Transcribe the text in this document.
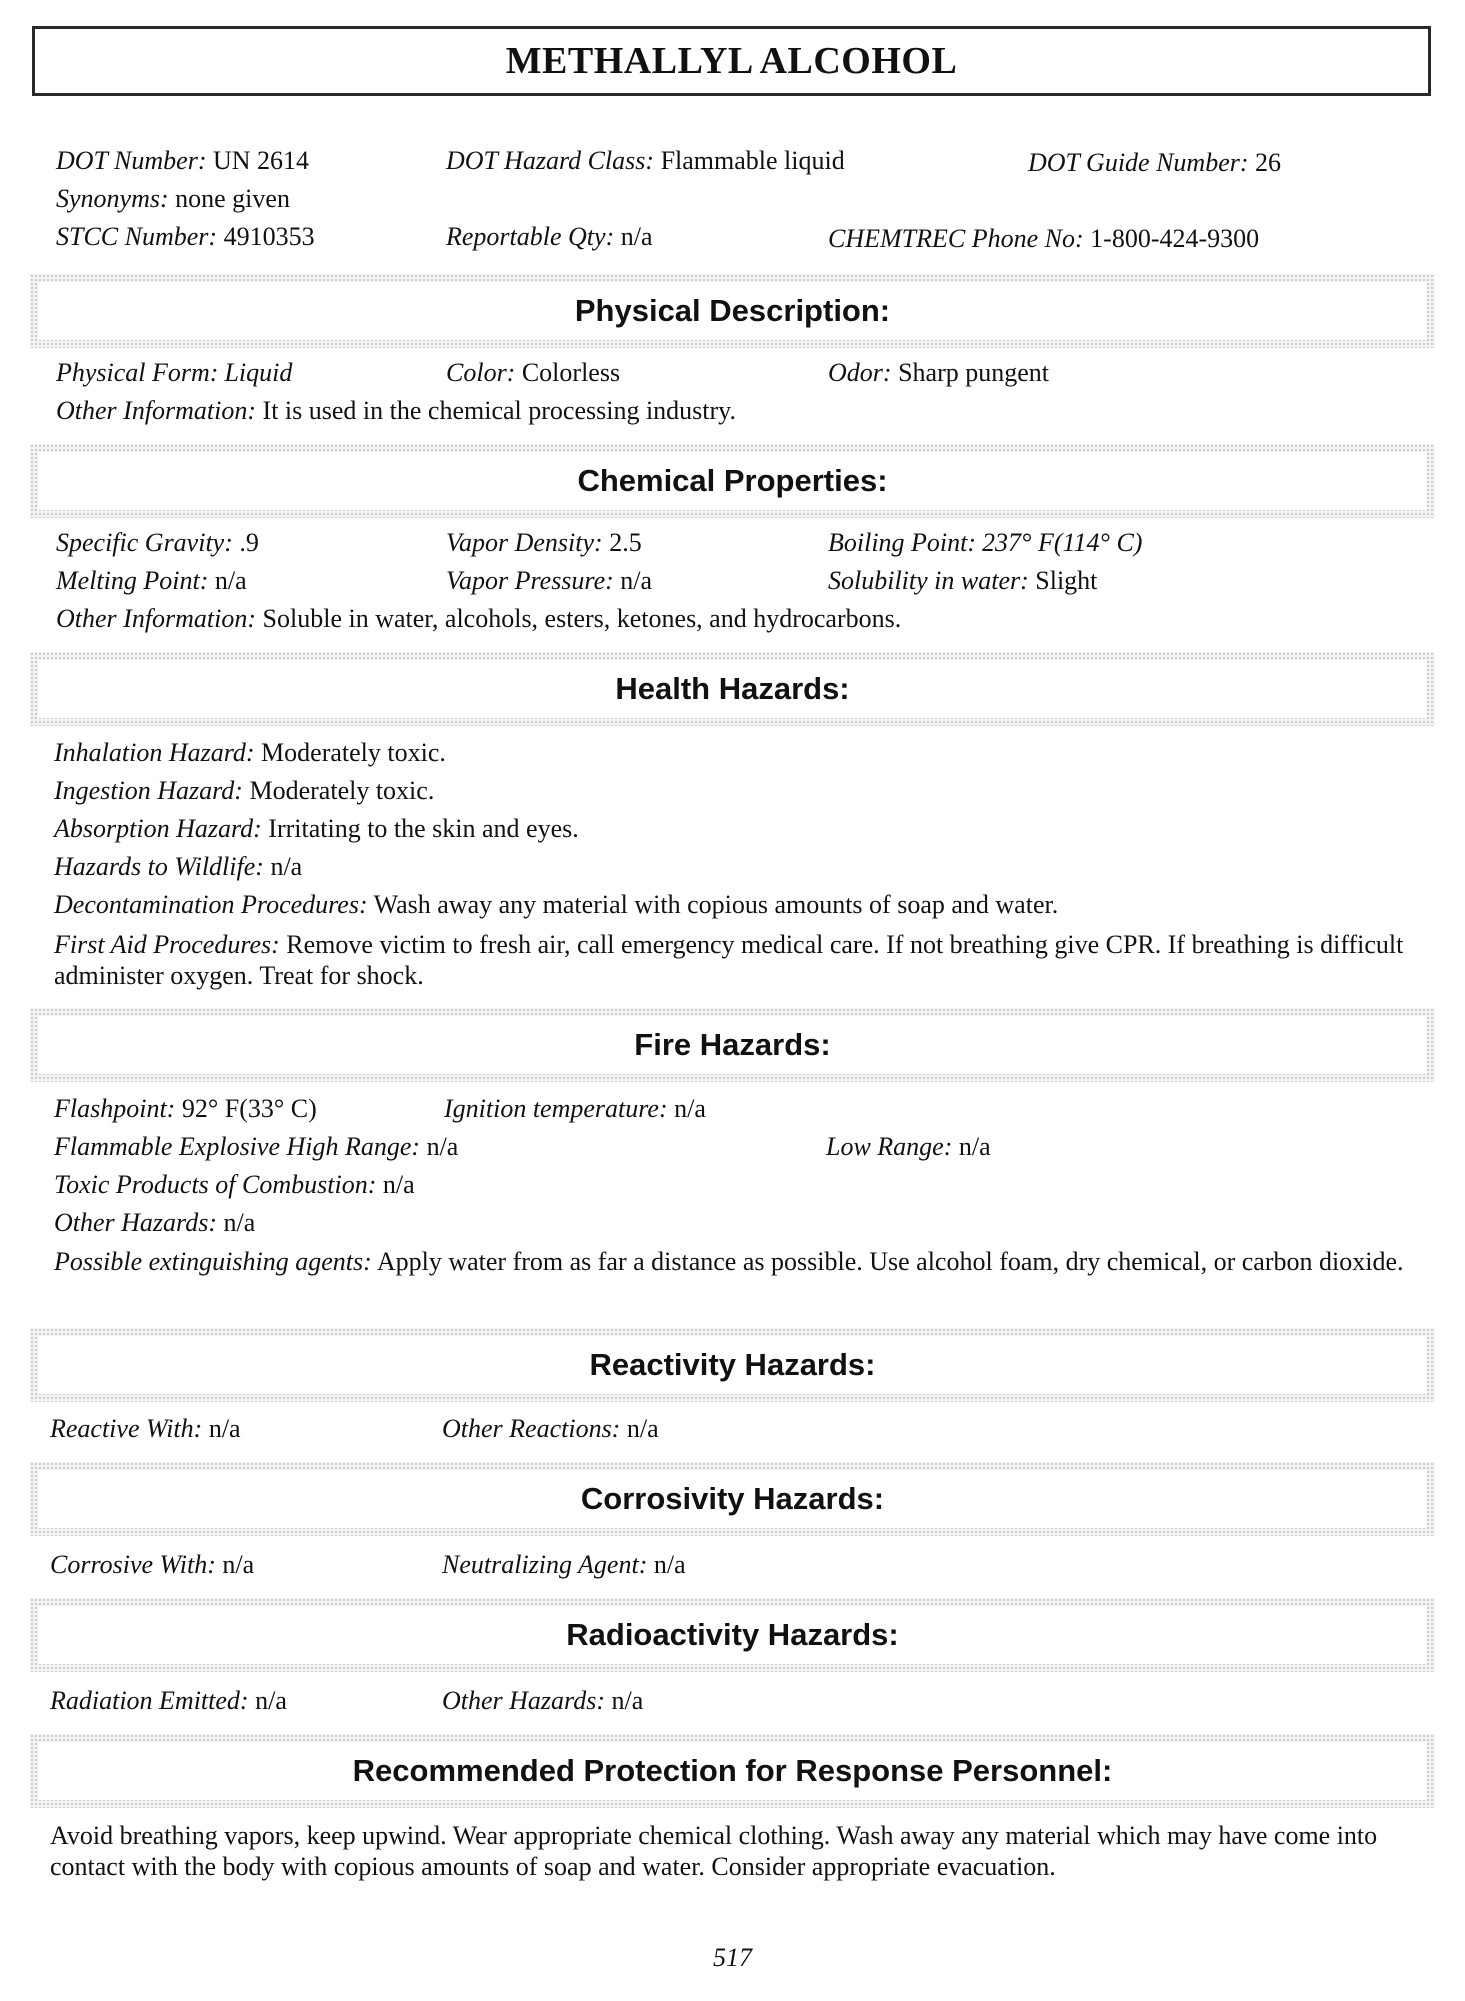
METHALLYL ALCOHOL
DOT Number: UN 2614	DOT Hazard Class: Flammable liquid	DOT Guide Number: 26
Synonyms: none given
STCC Number: 4910353	Reportable Qty: n/a	CHEMTREC Phone No: 1-800-424-9300
Physical Description:
Physical Form: Liquid	Color: Colorless	Odor: Sharp pungent
Other Information: It is used in the chemical processing industry.
Chemical Properties:
Specific Gravity: .9	Vapor Density: 2.5	Boiling Point: 237° F(114° C)
Melting Point: n/a	Vapor Pressure: n/a	Solubility in water: Slight
Other Information: Soluble in water, alcohols, esters, ketones, and hydrocarbons.
Health Hazards:
Inhalation Hazard: Moderately toxic.
Ingestion Hazard: Moderately toxic.
Absorption Hazard: Irritating to the skin and eyes.
Hazards to Wildlife: n/a
Decontamination Procedures: Wash away any material with copious amounts of soap and water.
First Aid Procedures: Remove victim to fresh air, call emergency medical care. If not breathing give CPR. If breathing is difficult administer oxygen. Treat for shock.
Fire Hazards:
Flashpoint: 92° F(33° C)	Ignition temperature: n/a
Flammable Explosive High Range: n/a	Low Range: n/a
Toxic Products of Combustion: n/a
Other Hazards: n/a
Possible extinguishing agents: Apply water from as far a distance as possible. Use alcohol foam, dry chemical, or carbon dioxide.
Reactivity Hazards:
Reactive With: n/a	Other Reactions: n/a
Corrosivity Hazards:
Corrosive With: n/a	Neutralizing Agent: n/a
Radioactivity Hazards:
Radiation Emitted: n/a	Other Hazards: n/a
Recommended Protection for Response Personnel:
Avoid breathing vapors, keep upwind. Wear appropriate chemical clothing. Wash away any material which may have come into contact with the body with copious amounts of soap and water. Consider appropriate evacuation.
517
